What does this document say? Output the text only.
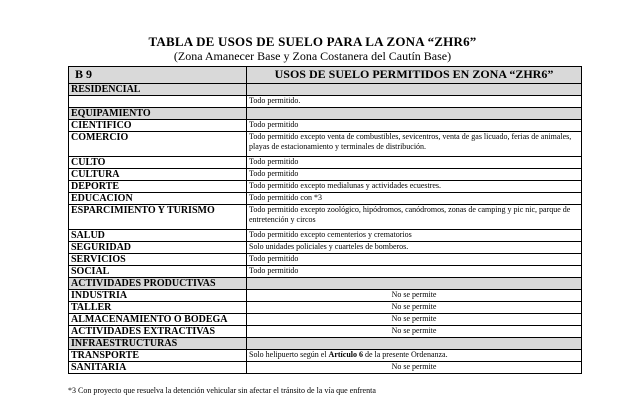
TABLA DE USOS DE SUELO PARA LA ZONA “ZHR6”
(Zona Amanecer Base y Zona Costanera del Cautín Base)
B 9	USOS DE SUELO PERMITIDOS EN ZONA “ZHR6”
RESIDENCIAL	
	Todo permitido.
EQUIPAMIENTO	
CIENTIFICO	Todo permitido
COMERCIO	Todo permitido excepto venta de combustibles, sevicentros, venta de gas licuado, ferias de animales, playas de estacionamiento y terminales de distribución.
CULTO	Todo permitido
CULTURA	Todo permitido
DEPORTE	Todo permitido excepto medialunas y actividades ecuestres.
EDUCACION	Todo permitido con *3
ESPARCIMIENTO Y TURISMO	Todo permitido excepto zoológico, hipódromos, canódromos, zonas de camping y pic nic, parque de entretención y circos
SALUD	Todo permitido excepto cementerios y crematorios
SEGURIDAD	Solo unidades policiales y cuarteles de bomberos.
SERVICIOS	Todo permitido
SOCIAL	Todo permitido
ACTIVIDADES PRODUCTIVAS	
INDUSTRIA	No se permite
TALLER	No se permite
ALMACENAMIENTO O BODEGA	No se permite
ACTIVIDADES EXTRACTIVAS	No se permite
INFRAESTRUCTURAS	
TRANSPORTE	Solo helipuerto según el Artículo 6 de la presente Ordenanza.
SANITARIA	No se permite
*3 Con proyecto que resuelva la detención vehicular sin afectar el tránsito de la vía que enfrenta
